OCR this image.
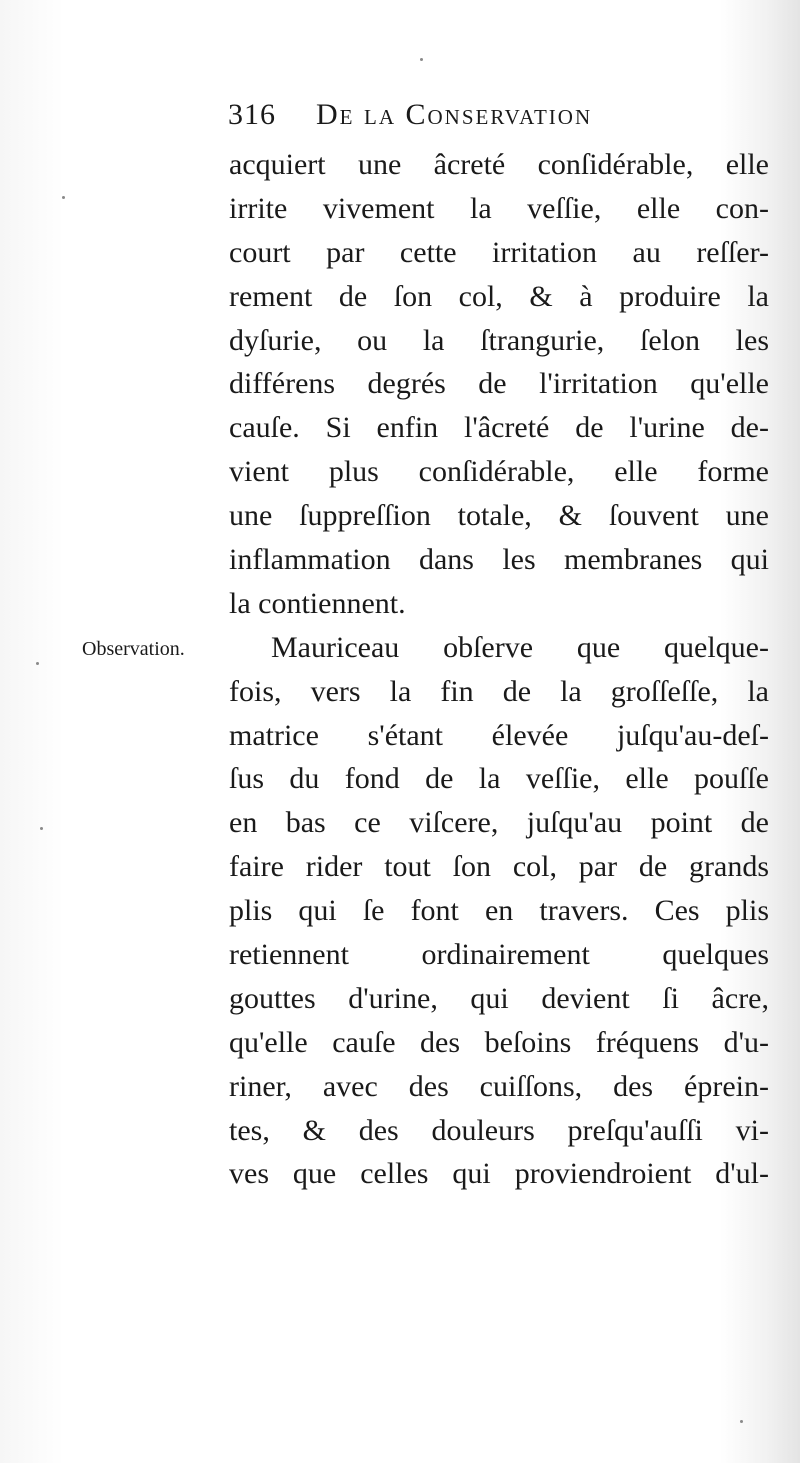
316 De la Conservation
Observation.
acquiert une âcreté conſidérable, elle
irrite vivement la veſſie, elle con-
court par cette irritation au reſſer-
rement de ſon col, & à produire la
dyſurie, ou la ſtrangurie, ſelon les
différens degrés de l'irritation qu'elle
cauſe. Si enfin l'âcreté de l'urine de-
vient plus conſidérable, elle forme
une ſuppreſſion totale, & ſouvent une
inflammation dans les membranes qui
la contiennent.
Mauriceau obſerve que quelque-
fois, vers la fin de la groſſeſſe, la
matrice s'étant élevée juſqu'au-deſ-
ſus du fond de la veſſie, elle pouſſe
en bas ce viſcere, juſqu'au point de
faire rider tout ſon col, par de grands
plis qui ſe font en travers. Ces plis
retiennent ordinairement quelques
gouttes d'urine, qui devient ſi âcre,
qu'elle cauſe des beſoins fréquens d'u-
riner, avec des cuiſſons, des éprein-
tes, & des douleurs preſqu'auſſi vi-
ves que celles qui proviendroient d'ul-
